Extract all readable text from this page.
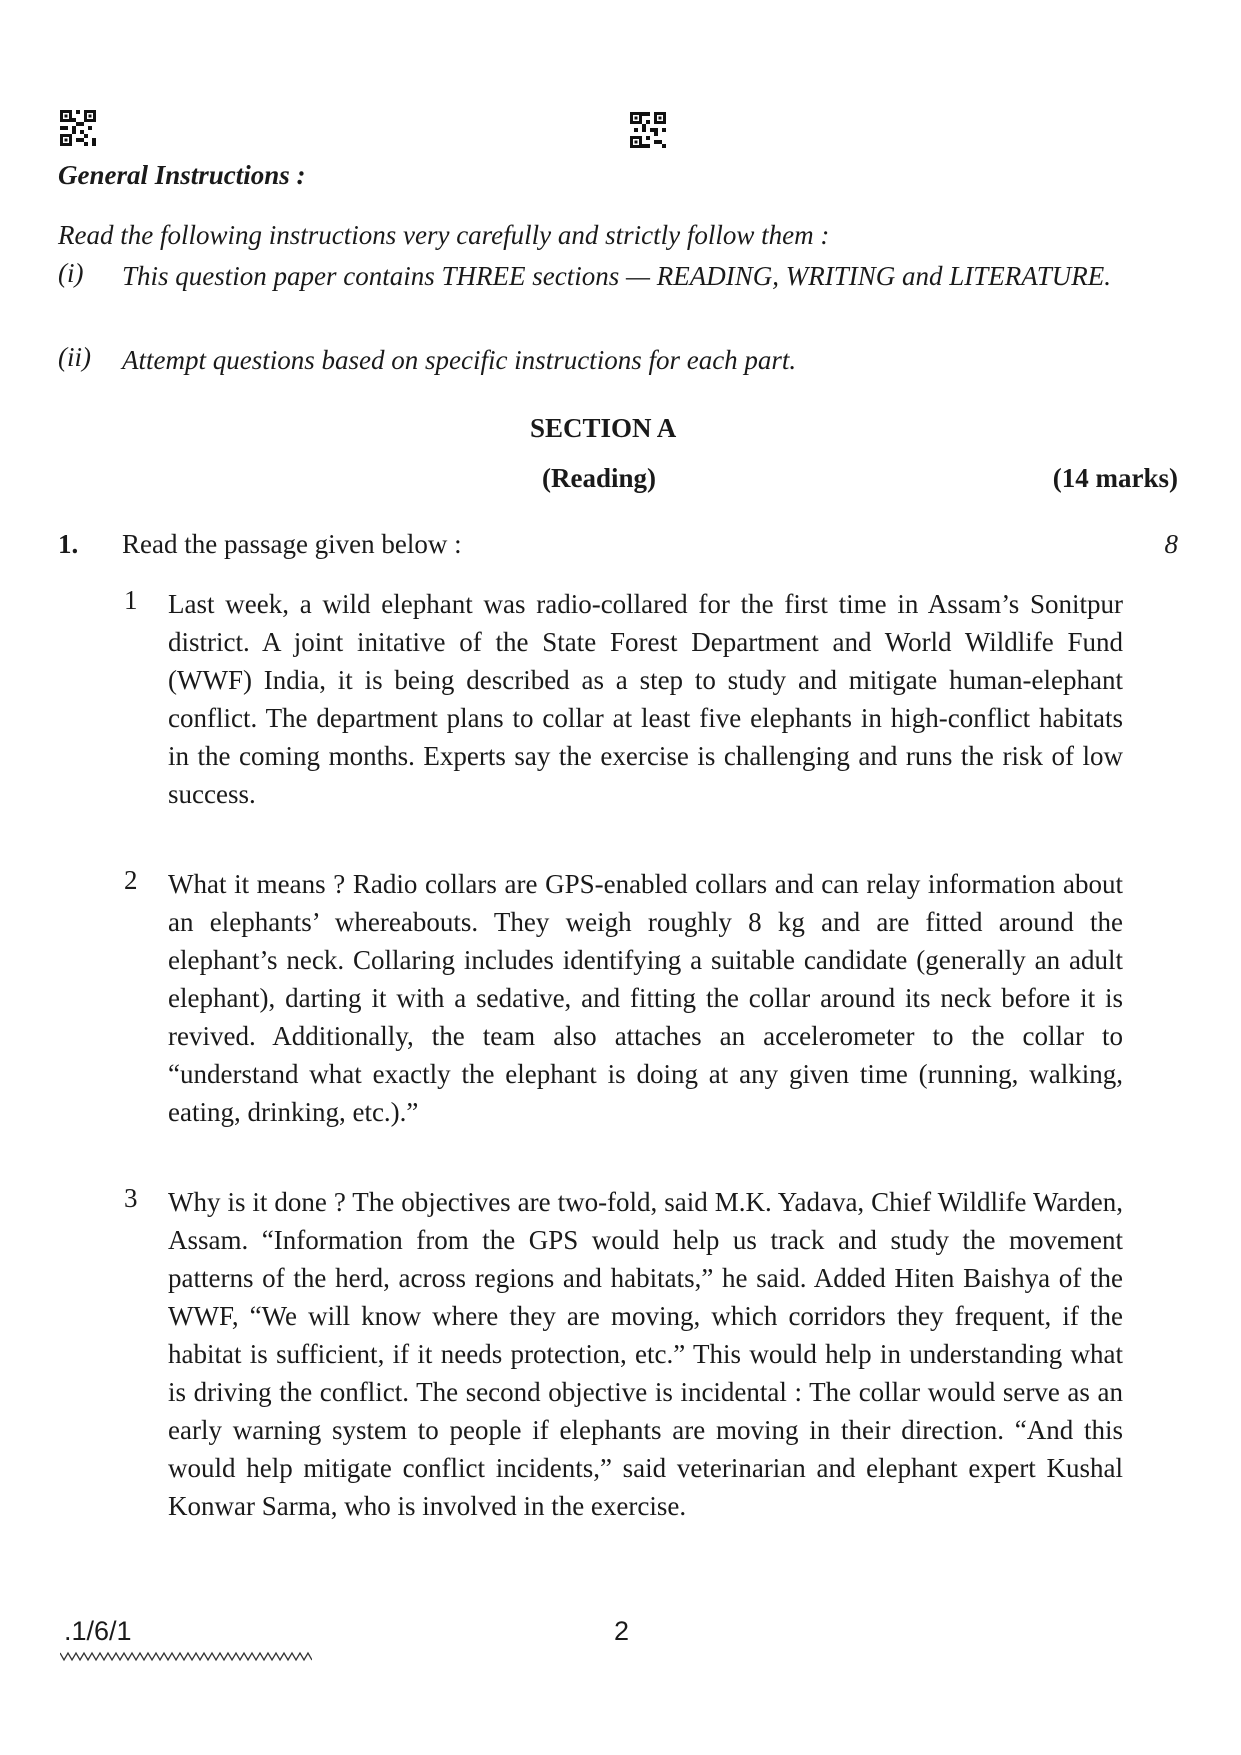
General Instructions :
Read the following instructions very carefully and strictly follow them :
(i) This question paper contains THREE sections — READING, WRITING and LITERATURE.
(ii) Attempt questions based on specific instructions for each part.
SECTION A
(Reading)	(14 marks)
1. Read the passage given below :	8
1 Last week, a wild elephant was radio-collared for the first time in Assam’s Sonitpur district. A joint initative of the State Forest Department and World Wildlife Fund (WWF) India, it is being described as a step to study and mitigate human-elephant conflict. The department plans to collar at least five elephants in high-conflict habitats in the coming months. Experts say the exercise is challenging and runs the risk of low success.
2 What it means ? Radio collars are GPS-enabled collars and can relay information about an elephants’ whereabouts. They weigh roughly 8 kg and are fitted around the elephant’s neck. Collaring includes identifying a suitable candidate (generally an adult elephant), darting it with a sedative, and fitting the collar around its neck before it is revived. Additionally, the team also attaches an accelerometer to the collar to “understand what exactly the elephant is doing at any given time (running, walking, eating, drinking, etc.).”
3 Why is it done ? The objectives are two-fold, said M.K. Yadava, Chief Wildlife Warden, Assam. “Information from the GPS would help us track and study the movement patterns of the herd, across regions and habitats,” he said. Added Hiten Baishya of the WWF, “We will know where they are moving, which corridors they frequent, if the habitat is sufficient, if it needs protection, etc.” This would help in understanding what is driving the conflict. The second objective is incidental : The collar would serve as an early warning system to people if elephants are moving in their direction. “And this would help mitigate conflict incidents,” said veterinarian and elephant expert Kushal Konwar Sarma, who is involved in the exercise.
.1/6/1	2
